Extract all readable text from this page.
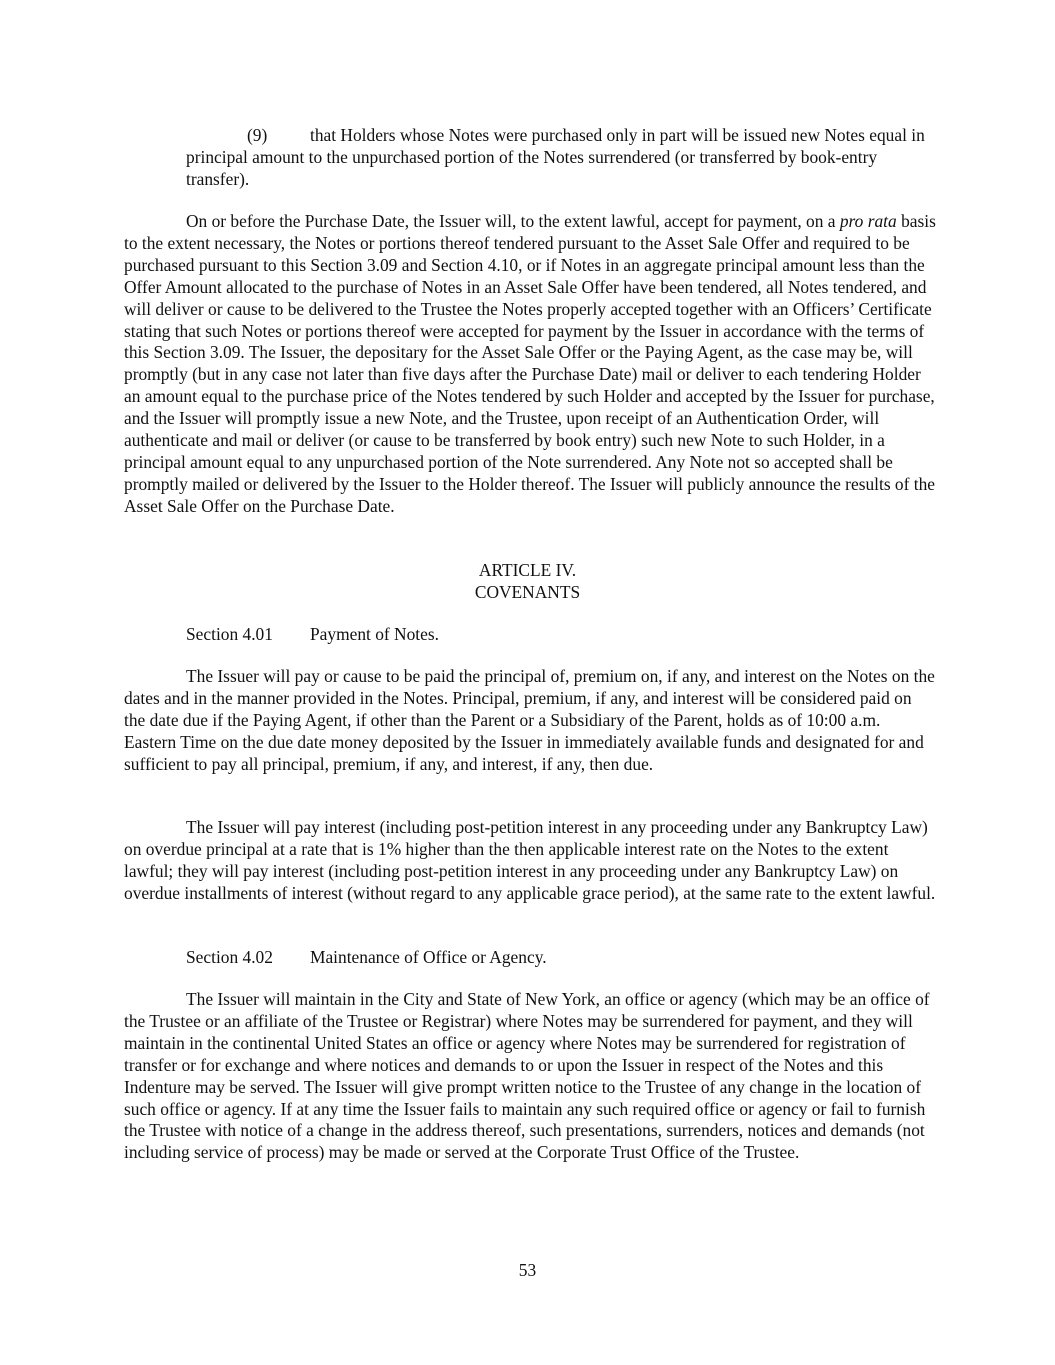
(9) that Holders whose Notes were purchased only in part will be issued new Notes equal in principal amount to the unpurchased portion of the Notes surrendered (or transferred by book-entry transfer).

On or before the Purchase Date, the Issuer will, to the extent lawful, accept for payment, on a pro rata basis to the extent necessary, the Notes or portions thereof tendered pursuant to the Asset Sale Offer and required to be purchased pursuant to this Section 3.09 and Section 4.10, or if Notes in an aggregate principal amount less than the Offer Amount allocated to the purchase of Notes in an Asset Sale Offer have been tendered, all Notes tendered, and will deliver or cause to be delivered to the Trustee the Notes properly accepted together with an Officers’ Certificate stating that such Notes or portions thereof were accepted for payment by the Issuer in accordance with the terms of this Section 3.09. The Issuer, the depositary for the Asset Sale Offer or the Paying Agent, as the case may be, will promptly (but in any case not later than five days after the Purchase Date) mail or deliver to each tendering Holder an amount equal to the purchase price of the Notes tendered by such Holder and accepted by the Issuer for purchase, and the Issuer will promptly issue a new Note, and the Trustee, upon receipt of an Authentication Order, will authenticate and mail or deliver (or cause to be transferred by book entry) such new Note to such Holder, in a principal amount equal to any unpurchased portion of the Note surrendered. Any Note not so accepted shall be promptly mailed or delivered by the Issuer to the Holder thereof. The Issuer will publicly announce the results of the Asset Sale Offer on the Purchase Date.

ARTICLE IV.
COVENANTS
Section 4.01 Payment of Notes.

The Issuer will pay or cause to be paid the principal of, premium on, if any, and interest on the Notes on the dates and in the manner provided in the Notes. Principal, premium, if any, and interest will be considered paid on the date due if the Paying Agent, if other than the Parent or a Subsidiary of the Parent, holds as of 10:00 a.m. Eastern Time on the due date money deposited by the Issuer in immediately available funds and designated for and sufficient to pay all principal, premium, if any, and interest, if any, then due.

The Issuer will pay interest (including post-petition interest in any proceeding under any Bankruptcy Law) on overdue principal at a rate that is 1% higher than the then applicable interest rate on the Notes to the extent lawful; they will pay interest (including post-petition interest in any proceeding under any Bankruptcy Law) on overdue installments of interest (without regard to any applicable grace period), at the same rate to the extent lawful.

Section 4.02 Maintenance of Office or Agency.

The Issuer will maintain in the City and State of New York, an office or agency (which may be an office of the Trustee or an affiliate of the Trustee or Registrar) where Notes may be surrendered for payment, and they will maintain in the continental United States an office or agency where Notes may be surrendered for registration of transfer or for exchange and where notices and demands to or upon the Issuer in respect of the Notes and this Indenture may be served. The Issuer will give prompt written notice to the Trustee of any change in the location of such office or agency. If at any time the Issuer fails to maintain any such required office or agency or fail to furnish the Trustee with notice of a change in the address thereof, such presentations, surrenders, notices and demands (not including service of process) may be made or served at the Corporate Trust Office of the Trustee.

53
